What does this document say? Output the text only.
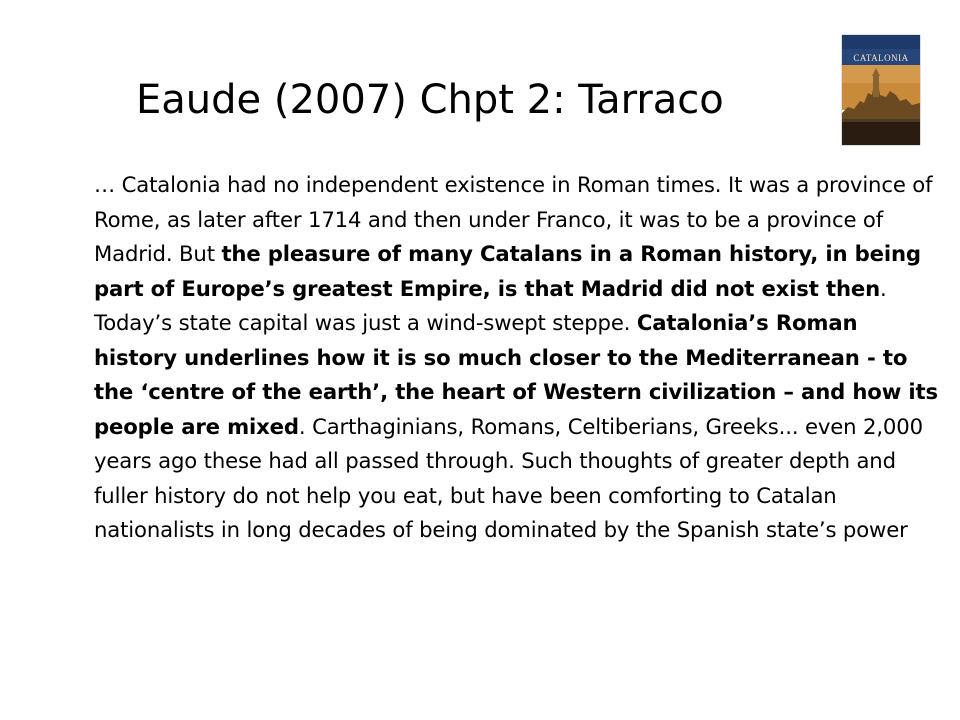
Eaude (2007) Chpt 2: Tarraco
CATALONIA

… Catalonia had no independent existence in Roman times. It was a province of Rome, as later after 1714 and then under Franco, it was to be a province of Madrid. But the pleasure of many Catalans in a Roman history, in being part of Europe’s greatest Empire, is that Madrid did not exist then. Today’s state capital was just a wind-swept steppe. Catalonia’s Roman history underlines how it is so much closer to the Mediterranean - to the ‘centre of the earth’, the heart of Western civilization – and how its people are mixed. Carthaginians, Romans, Celtiberians, Greeks... even 2,000 years ago these had all passed through. Such thoughts of greater depth and fuller history do not help you eat, but have been comforting to Catalan nationalists in long decades of being dominated by the Spanish state’s power
